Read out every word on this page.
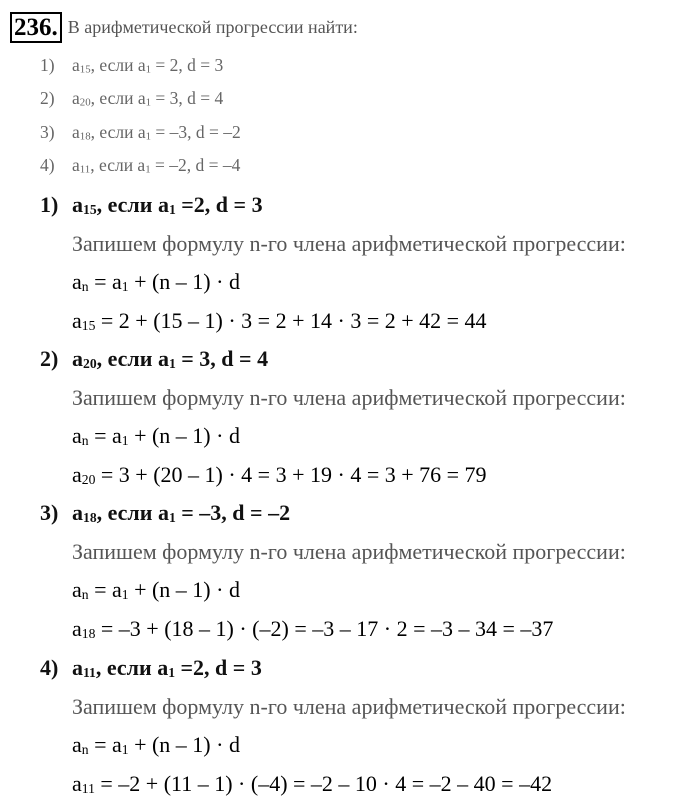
236. В арифметической прогрессии найти:
1) $a_{15}$, если $a_1 = 2$, d = 3
2) $a_{20}$, если $a_1 = 3$, d = 4
3) $a_{18}$, если $a_1 = -3$, d = –2
4) $a_{11}$, если $a_1 = -2$, d = –4
1) $a_{15}$, если $a_1 =2$, d = 3
Запишем формулу n-го члена арифметической прогрессии:
$a_n = a_1 + (n - 1) \cdot d$
$a_{15} = 2 + (15 - 1) \cdot 3 = 2 + 14 \cdot 3 = 2 + 42 = 44$
2) $a_{20}$, если $a_1 = 3$, d = 4
Запишем формулу n-го члена арифметической прогрессии:
$a_n = a_1 + (n - 1) \cdot d$
$a_{20} = 3 + (20 - 1) \cdot 4 = 3 + 19 \cdot 4 = 3 + 76 = 79$
3) $a_{18}$, если $a_1 = -3$, d = –2
Запишем формулу n-го члена арифметической прогрессии:
$a_n = a_1 + (n - 1) \cdot d$
$a_{18} = -3 + (18 - 1) \cdot (-2) = -3 - 17 \cdot 2 = -3 - 34 = -37$
4) $a_{11}$, если $a_1 =2$, d = 3
Запишем формулу n-го члена арифметической прогрессии:
$a_n = a_1 + (n - 1) \cdot d$
$a_{11} = -2 + (11 - 1) \cdot (-4) = -2 - 10 \cdot 4 = -2 - 40 = -42$
